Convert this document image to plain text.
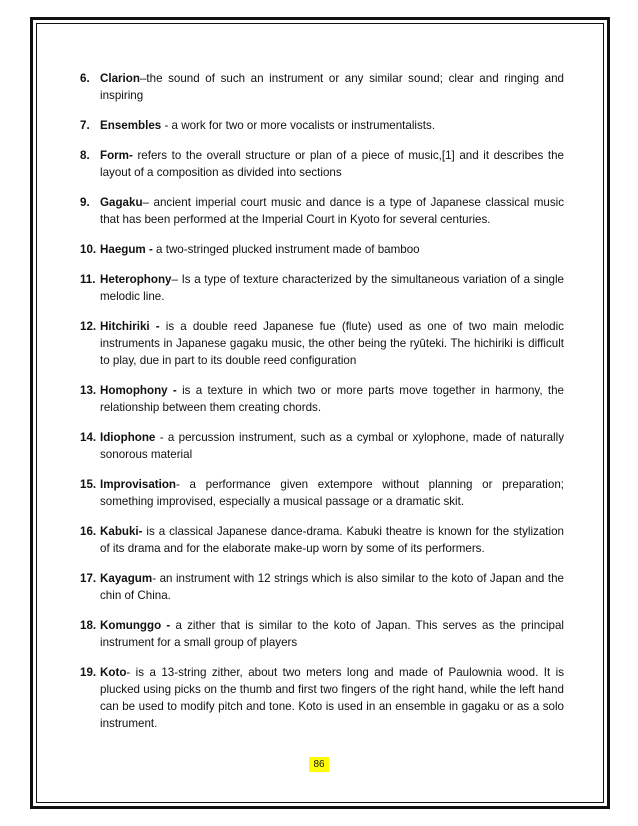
6. Clarion–the sound of such an instrument or any similar sound; clear and ringing and inspiring
7. Ensembles - a work for two or more vocalists or instrumentalists.
8. Form- refers to the overall structure or plan of a piece of music,[1] and it describes the layout of a composition as divided into sections
9. Gagaku– ancient imperial court music and dance is a type of Japanese classical music that has been performed at the Imperial Court in Kyoto for several centuries.
10. Haegum - a two-stringed plucked instrument made of bamboo
11. Heterophony– Is a type of texture characterized by the simultaneous variation of a single melodic line.
12. Hitchiriki - is a double reed Japanese fue (flute) used as one of two main melodic instruments in Japanese gagaku music, the other being the ryūteki. The hichiriki is difficult to play, due in part to its double reed configuration
13. Homophony - is a texture in which two or more parts move together in harmony, the relationship between them creating chords.
14. Idiophone - a percussion instrument, such as a cymbal or xylophone, made of naturally sonorous material
15. Improvisation- a performance given extempore without planning or preparation; something improvised, especially a musical passage or a dramatic skit.
16. Kabuki- is a classical Japanese dance-drama. Kabuki theatre is known for the stylization of its drama and for the elaborate make-up worn by some of its performers.
17. Kayagum- an instrument with 12 strings which is also similar to the koto of Japan and the chin of China.
18. Komunggo - a zither that is similar to the koto of Japan. This serves as the principal instrument for a small group of players
19. Koto- is a 13-string zither, about two meters long and made of Paulownia wood. It is plucked using picks on the thumb and first two fingers of the right hand, while the left hand can be used to modify pitch and tone. Koto is used in an ensemble in gagaku or as a solo instrument.
86
